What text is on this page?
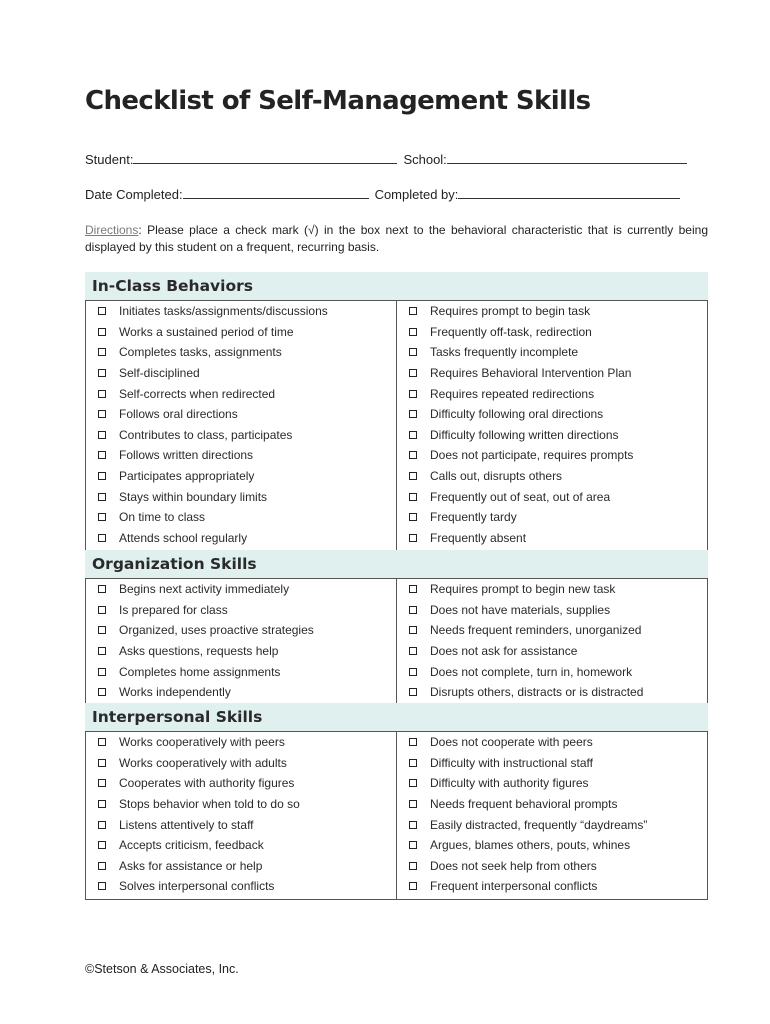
Checklist of Self-Management Skills
Student:	School:
Date Completed:	Completed by:

Directions: Please place a check mark (√) in the box next to the behavioral characteristic that is currently being displayed by this student on a frequent, recurring basis.

In-Class Behaviors
Initiates tasks/assignments/discussions
Works a sustained period of time
Completes tasks, assignments
Self-disciplined
Self-corrects when redirected
Follows oral directions
Contributes to class, participates
Follows written directions
Participates appropriately
Stays within boundary limits
On time to class
Attends school regularly
Requires prompt to begin task
Frequently off-task, redirection
Tasks frequently incomplete
Requires Behavioral Intervention Plan
Requires repeated redirections
Difficulty following oral directions
Difficulty following written directions
Does not participate, requires prompts
Calls out, disrupts others
Frequently out of seat, out of area
Frequently tardy
Frequently absent
Organization Skills
Begins next activity immediately
Is prepared for class
Organized, uses proactive strategies
Asks questions, requests help
Completes home assignments
Works independently
Requires prompt to begin new task
Does not have materials, supplies
Needs frequent reminders, unorganized
Does not ask for assistance
Does not complete, turn in, homework
Disrupts others, distracts or is distracted
Interpersonal Skills
Works cooperatively with peers
Works cooperatively with adults
Cooperates with authority figures
Stops behavior when told to do so
Listens attentively to staff
Accepts criticism, feedback
Asks for assistance or help
Solves interpersonal conflicts
Does not cooperate with peers
Difficulty with instructional staff
Difficulty with authority figures
Needs frequent behavioral prompts
Easily distracted, frequently “daydreams”
Argues, blames others, pouts, whines
Does not seek help from others
Frequent interpersonal conflicts
©Stetson & Associates, Inc.
